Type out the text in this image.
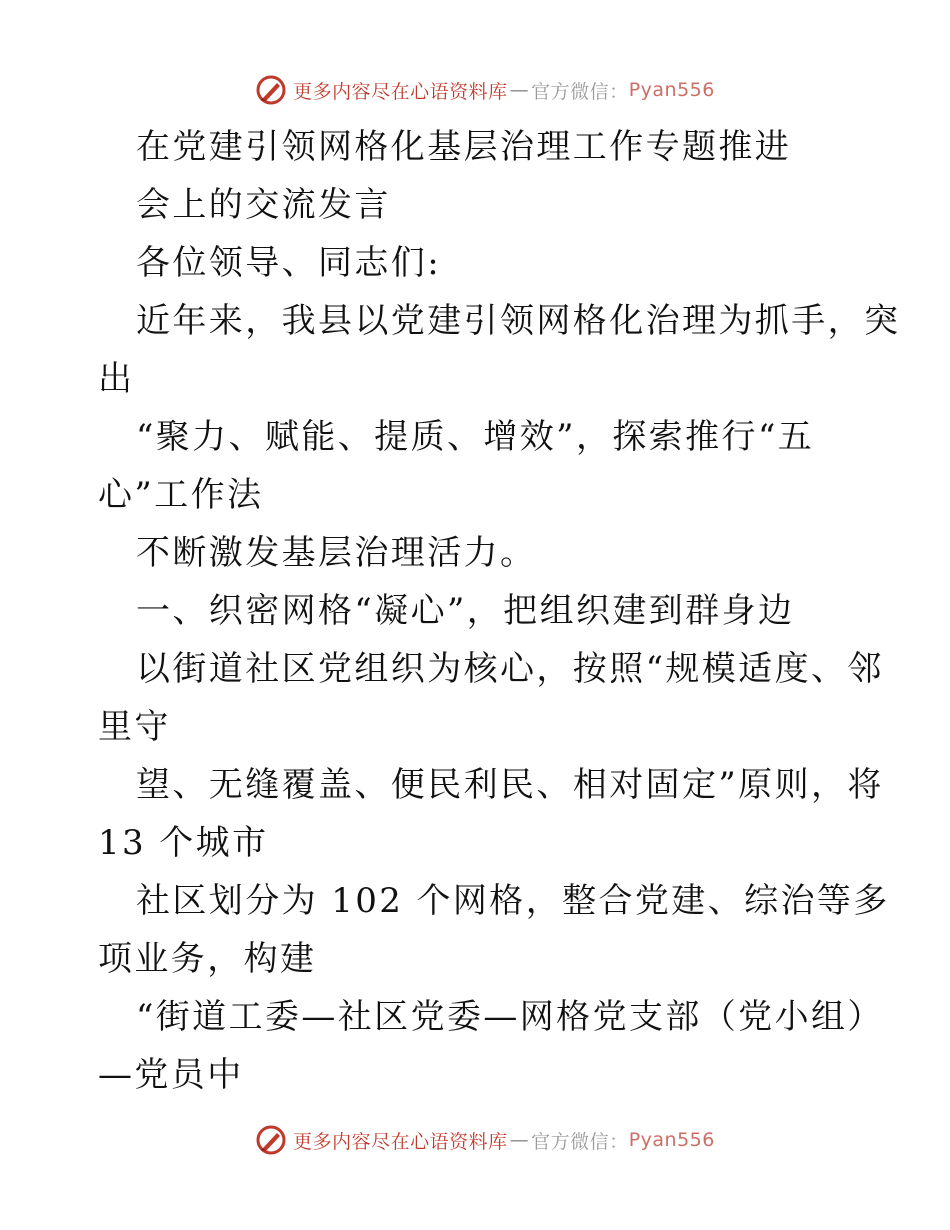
更多内容尽在心语资料库 — 官方微信： Pyan556
在党建引领网格化基层治理工作专题推进
会上的交流发言
各位领导、同志们:
近年来，我县以党建引领网格化治理为抓手，突
出
“聚力、赋能、提质、增效”，探索推行“五
心”工作法
不断激发基层治理活力。
一、织密网格“凝心”，把组织建到群身边
以街道社区党组织为核心，按照“规模适度、邻
里守
望、无缝覆盖、便民利民、相对固定”原则，将
13 个城市
社区划分为 102 个网格，整合党建、综治等多
项业务，构建
“街道工委—社区党委—网格党支部（党小组）
—党员中
更多内容尽在心语资料库 — 官方微信： Pyan556
